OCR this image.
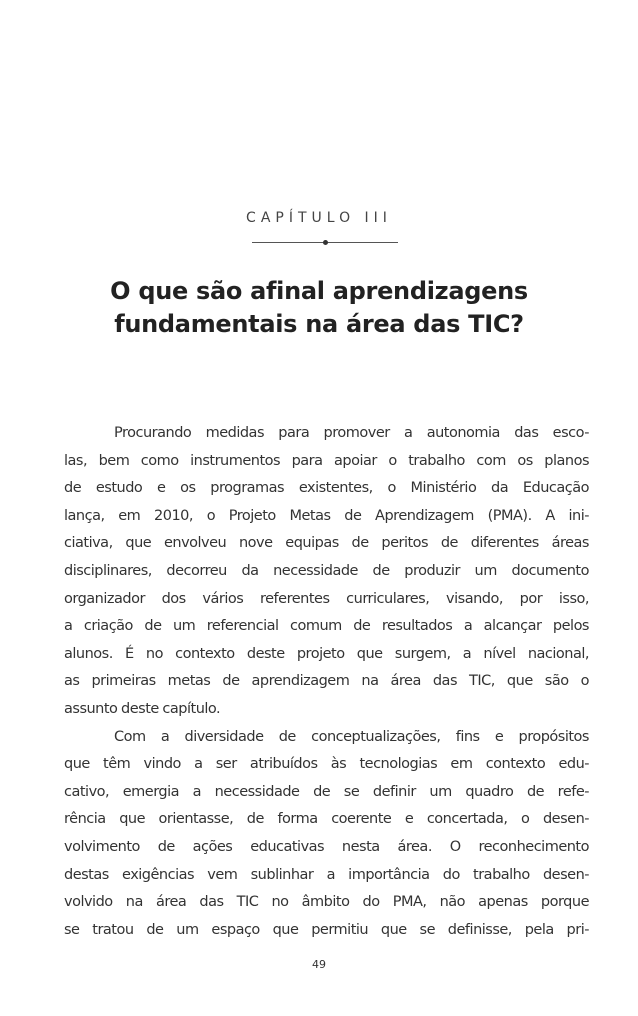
CAPÍTULO III
O que são afinal aprendizagens
fundamentais na área das TIC?
Procurando medidas para promover a autonomia das esco-
las, bem como instrumentos para apoiar o trabalho com os planos
de estudo e os programas existentes, o Ministério da Educação
lança, em 2010, o Projeto Metas de Aprendizagem (PMA). A ini-
ciativa, que envolveu nove equipas de peritos de diferentes áreas
disciplinares, decorreu da necessidade de produzir um documento
organizador dos vários referentes curriculares, visando, por isso,
a criação de um referencial comum de resultados a alcançar pelos
alunos. É no contexto deste projeto que surgem, a nível nacional,
as primeiras metas de aprendizagem na área das TIC, que são o
assunto deste capítulo.
Com a diversidade de conceptualizações, fins e propósitos
que têm vindo a ser atribuídos às tecnologias em contexto edu-
cativo, emergia a necessidade de se definir um quadro de refe-
rência que orientasse, de forma coerente e concertada, o desen-
volvimento de ações educativas nesta área. O reconhecimento
destas exigências vem sublinhar a importância do trabalho desen-
volvido na área das TIC no âmbito do PMA, não apenas porque
se tratou de um espaço que permitiu que se definisse, pela pri-
49
